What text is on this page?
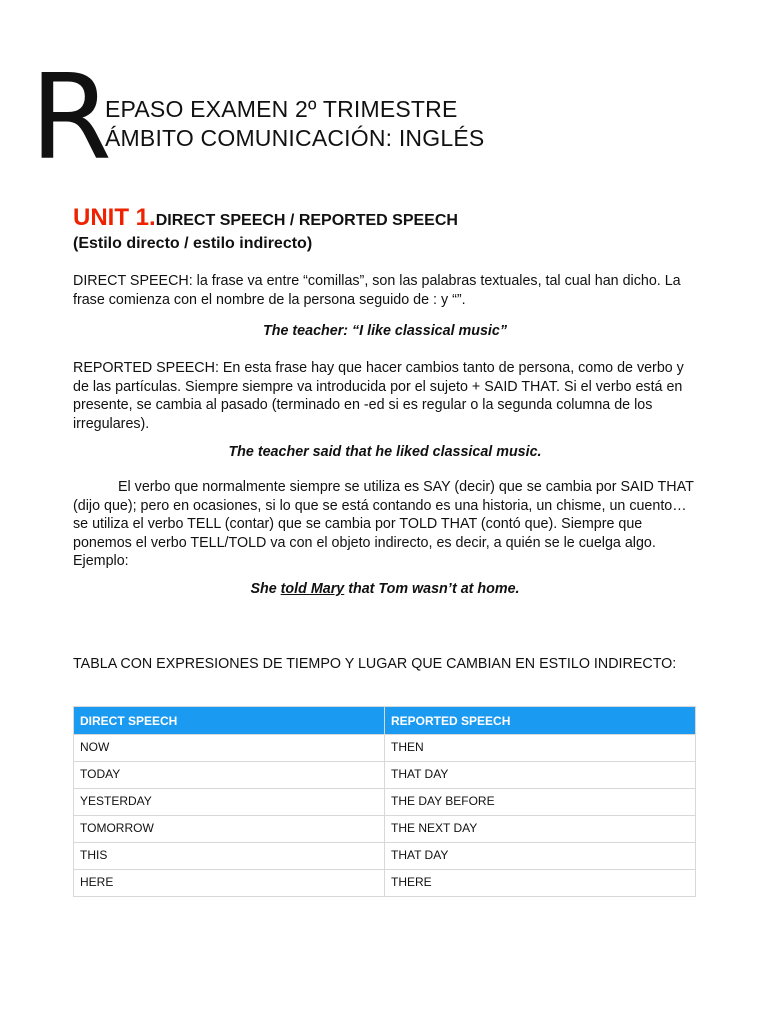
R
EPASO EXAMEN 2º TRIMESTRE
ÁMBITO COMUNICACIÓN: INGLÉS
UNIT 1.DIRECT SPEECH / REPORTED SPEECH
(Estilo directo / estilo indirecto)
DIRECT SPEECH: la frase va entre “comillas”, son las palabras textuales, tal cual han dicho. La frase comienza con el nombre de la persona seguido de : y “”.
The teacher: “I like classical music”
REPORTED SPEECH: En esta frase hay que hacer cambios tanto de persona, como de verbo y de las partículas. Siempre siempre va introducida por el sujeto + SAID THAT. Si el verbo está en presente, se cambia al pasado (terminado en -ed si es regular o la segunda columna de los irregulares).
The teacher said that he liked classical music.
El verbo que normalmente siempre se utiliza es SAY (decir) que se cambia por SAID THAT (dijo que); pero en ocasiones, si lo que se está contando es una historia, un chisme, un cuento… se utiliza el verbo TELL (contar) que se cambia por TOLD THAT (contó que). Siempre que ponemos el verbo TELL/TOLD va con el objeto indirecto, es decir, a quién se le cuelga algo. Ejemplo:
She told Mary that Tom wasn’t at home.
TABLA CON EXPRESIONES DE TIEMPO Y LUGAR QUE CAMBIAN EN ESTILO INDIRECTO:
DIRECT SPEECH	REPORTED SPEECH
NOW	THEN
TODAY	THAT DAY
YESTERDAY	THE DAY BEFORE
TOMORROW	THE NEXT DAY
THIS	THAT DAY
HERE	THERE
